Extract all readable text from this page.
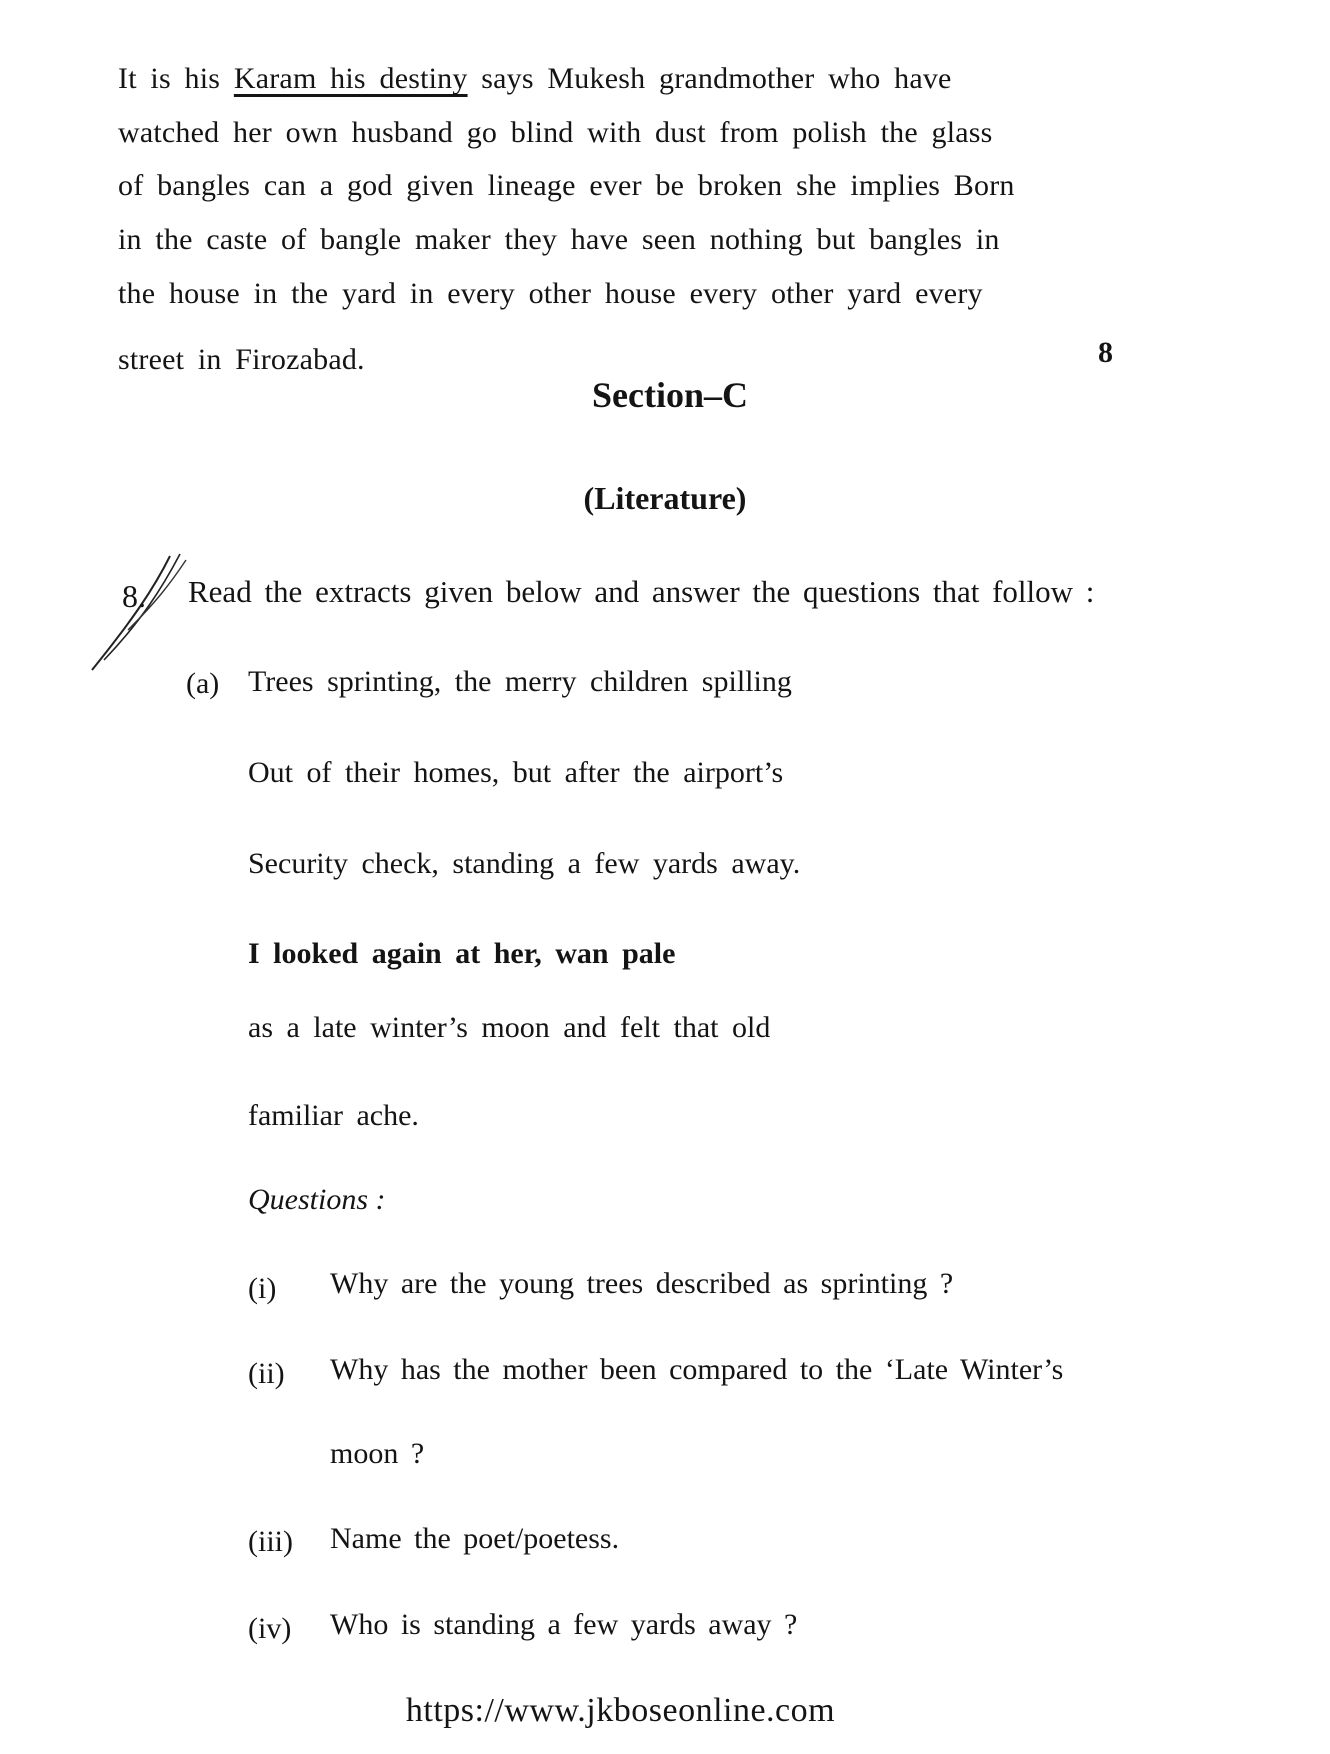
It is his Karam his destiny says Mukesh grandmother who have
watched her own husband go blind with dust from polish the glass
of bangles can a god given lineage ever be broken she implies Born
in the caste of bangle maker they have seen nothing but bangles in
the house in the yard in every other house every other yard every
street in Firozabad.	8
Section–C
(Literature)
8. Read the extracts given below and answer the questions that follow :
(a) Trees sprinting, the merry children spilling
Out of their homes, but after the airport’s
Security check, standing a few yards away.
I looked again at her, wan pale
as a late winter’s moon and felt that old
familiar ache.
Questions :
(i) Why are the young trees described as sprinting ?
(ii) Why has the mother been compared to the ‘Late Winter’s
moon ?
(iii) Name the poet/poetess.
(iv) Who is standing a few yards away ?
https://www.jkboseonline.com
